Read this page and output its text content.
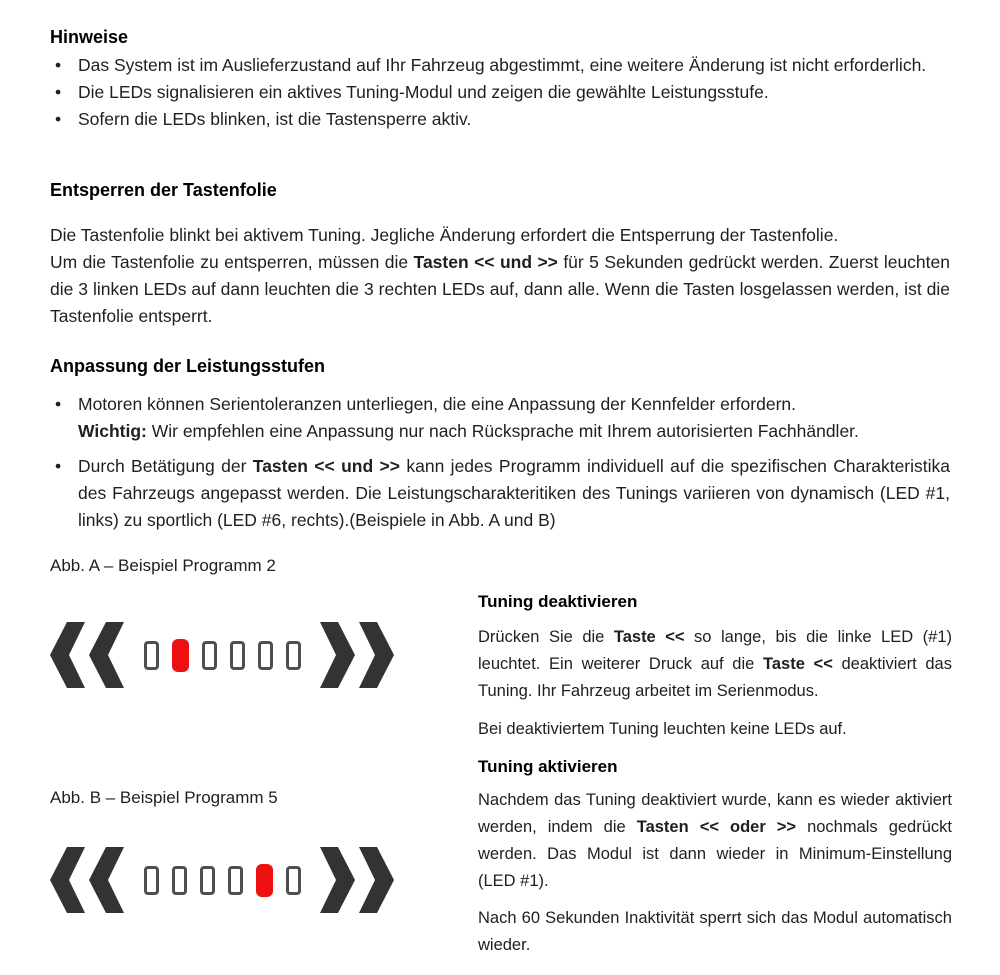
Hinweise
• Das System ist im Auslieferzustand auf Ihr Fahrzeug abgestimmt, eine weitere Änderung ist nicht erforderlich.
• Die LEDs signalisieren ein aktives Tuning-Modul und zeigen die gewählte Leistungsstufe.
• Sofern die LEDs blinken, ist die Tastensperre aktiv.
Entsperren der Tastenfolie
Die Tastenfolie blinkt bei aktivem Tuning. Jegliche Änderung erfordert die Entsperrung der Tastenfolie.
Um die Tastenfolie zu entsperren, müssen die Tasten << und >> für 5 Sekunden gedrückt werden. Zuerst leuchten die 3 linken LEDs auf dann leuchten die 3 rechten LEDs auf, dann alle. Wenn die Tasten losgelassen werden, ist die Tastenfolie entsperrt.
Anpassung der Leistungsstufen
• Motoren können Serientoleranzen unterliegen, die eine Anpassung der Kennfelder erfordern.
Wichtig: Wir empfehlen eine Anpassung nur nach Rücksprache mit Ihrem autorisierten Fachhändler.
• Durch Betätigung der Tasten << und >> kann jedes Programm individuell auf die spezifischen Charakteristika des Fahrzeugs angepasst werden. Die Leistungscharakteritiken des Tunings variieren von dynamisch (LED #1, links) zu sportlich (LED #6, rechts).(Beispiele in Abb. A und B)
Abb. A – Beispiel Programm 2
Abb. B – Beispiel Programm 5
Tuning deaktivieren

Drücken Sie die Taste << so lange, bis die linke LED (#1) leuchtet. Ein weiterer Druck auf die Taste << deaktiviert das Tuning. Ihr Fahrzeug arbeitet im Serienmodus.

Bei deaktiviertem Tuning leuchten keine LEDs auf.

Tuning aktivieren

Nachdem das Tuning deaktiviert wurde, kann es wieder aktiviert werden, indem die Tasten << oder >> nochmals gedrückt werden. Das Modul ist dann wieder in Minimum-Einstellung (LED #1).

Nach 60 Sekunden Inaktivität sperrt sich das Modul automatisch wieder.
